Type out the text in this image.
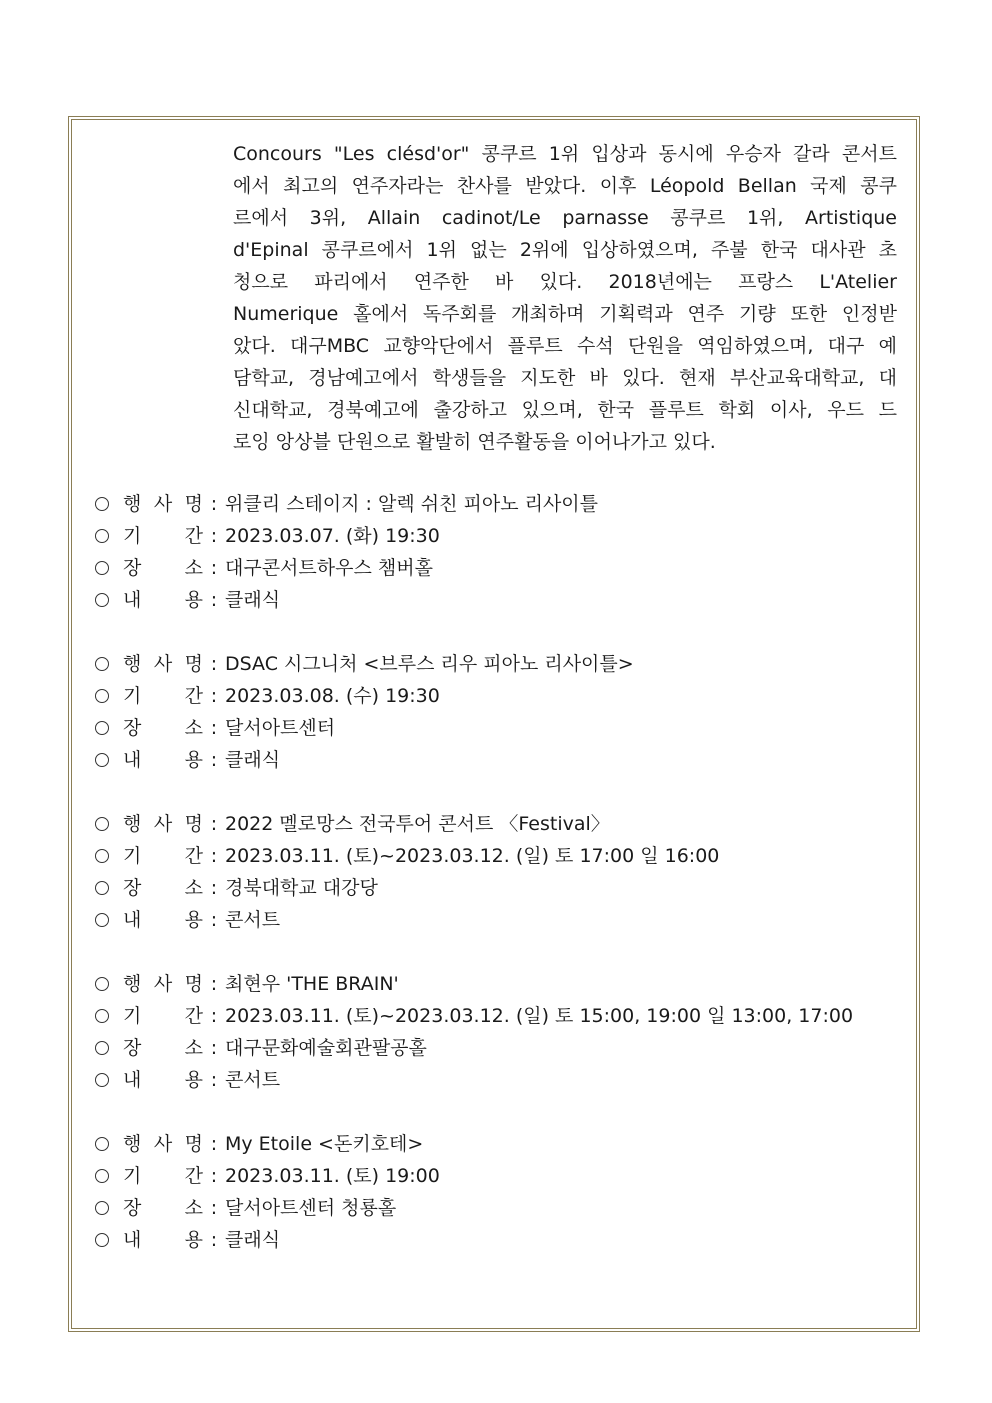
Concours "Les clésd'or" 콩쿠르 1위 입상과 동시에 우승자 갈라 콘서트
에서 최고의 연주자라는 찬사를 받았다. 이후 Léopold Bellan 국제 콩쿠
르에서 3위, Allain cadinot/Le parnasse 콩쿠르 1위, Artistique
d'Epinal 콩쿠르에서 1위 없는 2위에 입상하였으며, 주불 한국 대사관 초
청으로 파리에서 연주한 바 있다. 2018년에는 프랑스 L'Atelier
Numerique 홀에서 독주회를 개최하며 기획력과 연주 기량 또한 인정받
았다. 대구MBC 교향악단에서 플루트 수석 단원을 역임하였으며, 대구 예
담학교, 경남예고에서 학생들을 지도한 바 있다. 현재 부산교육대학교, 대
신대학교, 경북예고에 출강하고 있으며, 한국 플루트 학회 이사, 우드 드
로잉 앙상블 단원으로 활발히 연주활동을 이어나가고 있다.
행 사 명 : 위클리 스테이지 : 알렉 쉬친 피아노 리사이틀
기 간 : 2023.03.07. (화) 19:30
장 소 : 대구콘서트하우스 챔버홀
내 용 : 클래식
행 사 명 : DSAC 시그니처 <브루스 리우 피아노 리사이틀>
기 간 : 2023.03.08. (수) 19:30
장 소 : 달서아트센터
내 용 : 클래식
행 사 명 : 2022 멜로망스 전국투어 콘서트 〈Festival〉
기 간 : 2023.03.11. (토)~2023.03.12. (일) 토 17:00 일 16:00
장 소 : 경북대학교 대강당
내 용 : 콘서트
행 사 명 : 최현우 'THE BRAIN'
기 간 : 2023.03.11. (토)~2023.03.12. (일) 토 15:00, 19:00 일 13:00, 17:00
장 소 : 대구문화예술회관팔공홀
내 용 : 콘서트
행 사 명 : My Etoile <돈키호테>
기 간 : 2023.03.11. (토) 19:00
장 소 : 달서아트센터 청룡홀
내 용 : 클래식
